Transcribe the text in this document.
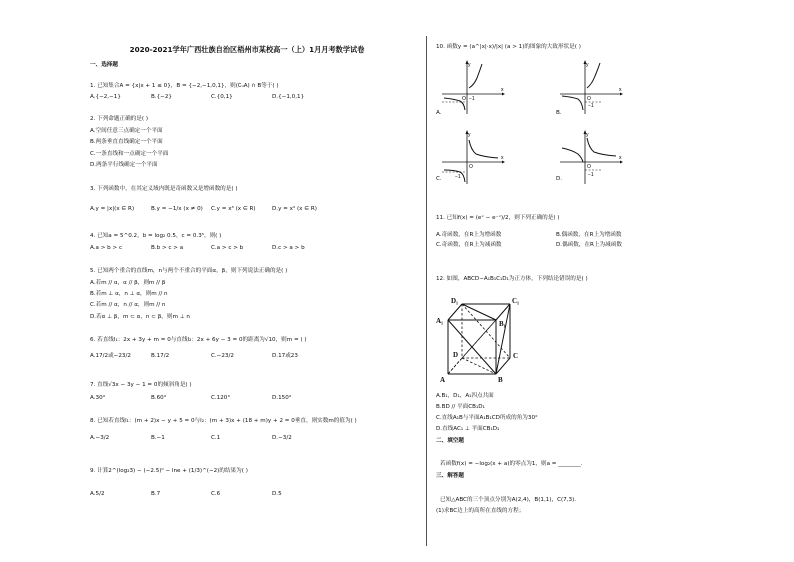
2020-2021学年广西壮族自治区梧州市某校高一（上）1月月考数学试卷
一、选择题
1. 已知集合A = {x|x + 1 ≤ 0}，B = {−2,−1,0,1}，则(∁ᵤA) ∩ B等于( )
A.{−2,−1}	B.{−2}	C.{0,1}	D.{−1,0,1}
2. 下列命题正确的是( )
A.空间任意三点确定一个平面
B.两条垂直直线确定一个平面
C.一条直线和一点确定一个平面
D.两条平行线确定一个平面
3. 下列函数中，在其定义域内既是奇函数又是增函数的是( )
A.y = |x|(x ∈ R)	B.y = −1/x (x ≠ 0) C.y = x³ (x ∈ R)	D.y = x² (x ∈ R)
4. 已知a = 5^0.2，b = log₂ 0.5，c = 0.3⁵，则( )
A.a > b > c	B.b > c > a	C.a > c > b	D.c > a > b
5. 已知两个重合的直线m，n与两个不重合的平面α，β，则下列说法正确的是( )
A.若m // α，α // β，则m // β
B.若m ⊥ α，n ⊥ α，则m // n
C.若m // α，n // α，则m // n
D.若α ⊥ β，m ⊂ α，n ⊂ β，则m ⊥ n
6. 若直线l₁：2x + 3y + m = 0与直线l₂：2x + 6y − 3 = 0的距离为√10，则m = ( )
A.17/2或−23/2	B.17/2	C.−23/2	D.17或23
7. 直线√3x − 3y − 1 = 0的倾斜角是( )
A.30°	B.60°	C.120°	D.150°
8. 已知若直线l₁：(m + 2)x − y + 5 = 0与l₂：(m + 3)x + (18 + m)y + 2 = 0垂直，则实数m的值为( )
A.−3/2	B.−1	C.1	D.−3/2
9. 计算2^(log₂3) − (−2.5)⁰ − lne + (1/3)^(−2)的结果为( )
A.5/2	B.7	C.6	D.5
10. 函数y = (a^|x|·x)/|x| (a > 1)的图象的大致形状是( )
y
x
O −1
A.
y
x
O
−1
B.
y
x
O
−1
C.
y
x
O
−1
D.
11. 已知f(x) = (eˣ − e⁻ˣ)/2，则下列正确的是( )
A.奇函数，在R上为增函数	B.偶函数，在R上为增函数
C.奇函数，在R上为减函数	D.偶函数，在R上为减函数
12. 如图，ABCD−A₁B₁C₁D₁为正方体，下列结论错误的是( )
D₁	C₁
A₁	B₁
D	C
A	B
A.B₁，D₁，A₁四点共面
B.BD // 平面CB₁D₁
C.直线A₁B与平面A₁B₁CD所成的角为30°
D.直线AC₁ ⊥ 平面CB₁D₁
二、填空题
若函数f(x) = −log₂(x + a)的零点为1，则a = ________.
三、解答题
已知△ABC的三个顶点分别为A(2,4)，B(1,1)，C(7,3)．
(1)求BC边上的高所在直线的方程；
